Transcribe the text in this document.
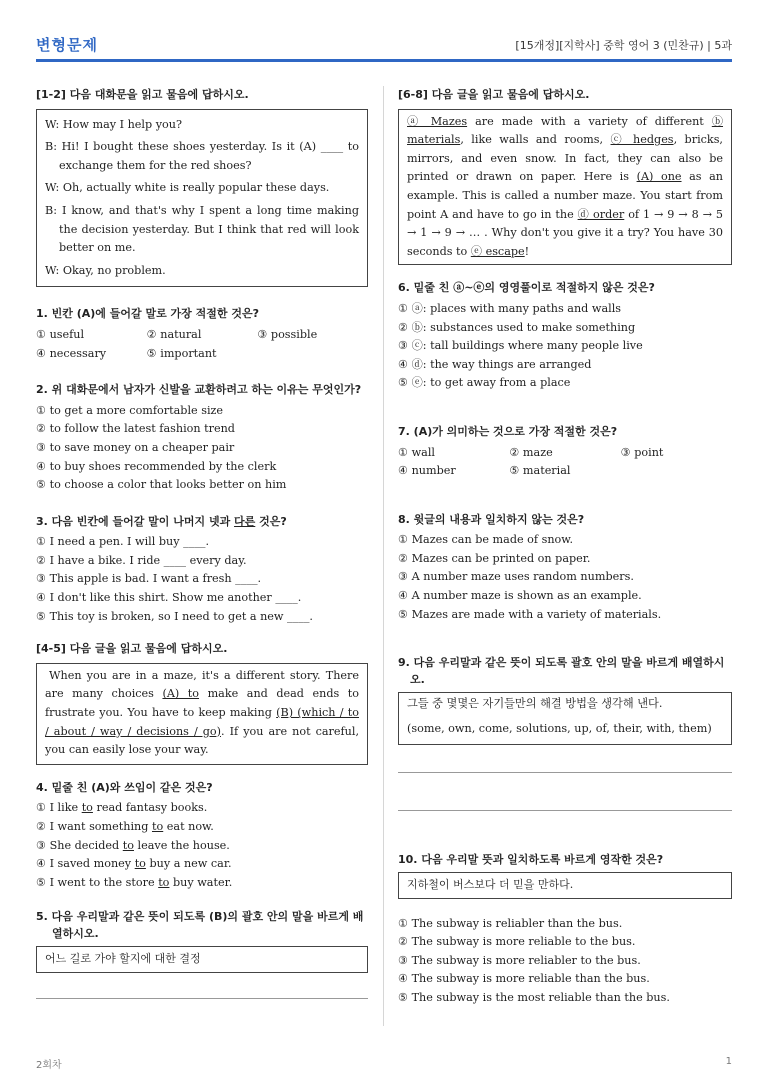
변형문제	[15개정][지학사] 중학 영어 3 (민찬규) | 5과
[1-2] 다음 대화문을 읽고 물음에 답하시오.
W: How may I help you?
B: Hi! I bought these shoes yesterday. Is it (A) ____ to exchange them for the red shoes?
W: Oh, actually white is really popular these days.
B: I know, and that's why I spent a long time making the decision yesterday. But I think that red will look better on me.
W: Okay, no problem.
1. 빈칸 (A)에 들어갈 말로 가장 적절한 것은?
① useful	② natural	③ possible
④ necessary	⑤ important
2. 위 대화문에서 남자가 신발을 교환하려고 하는 이유는 무엇인가?
① to get a more comfortable size
② to follow the latest fashion trend
③ to save money on a cheaper pair
④ to buy shoes recommended by the clerk
⑤ to choose a color that looks better on him
3. 다음 빈칸에 들어갈 말이 나머지 넷과 다른 것은?
① I need a pen. I will buy ____.
② I have a bike. I ride ____ every day.
③ This apple is bad. I want a fresh ____.
④ I don't like this shirt. Show me another ____.
⑤ This toy is broken, so I need to get a new ____.
[4-5] 다음 글을 읽고 물음에 답하시오.
When you are in a maze, it's a different story. There are many choices (A) to make and dead ends to frustrate you. You have to keep making (B) (which / to / about / way / decisions / go). If you are not careful, you can easily lose your way.
4. 밑줄 친 (A)와 쓰임이 같은 것은?
① I like to read fantasy books.
② I want something to eat now.
③ She decided to leave the house.
④ I saved money to buy a new car.
⑤ I went to the store to buy water.
5. 다음 우리말과 같은 뜻이 되도록 (B)의 괄호 안의 말을 바르게 배열하시오.
어느 길로 가야 할지에 대한 결정
[6-8] 다음 글을 읽고 물음에 답하시오.
ⓐ Mazes are made with a variety of different ⓑ materials, like walls and rooms, ⓒ hedges, bricks, mirrors, and even snow. In fact, they can also be printed or drawn on paper. Here is (A) one as an example. This is called a number maze. You start from point A and have to go in the ⓓ order of 1 → 9 → 8 → 5 → 1 → 9 → … . Why don't you give it a try? You have 30 seconds to ⓔ escape!
6. 밑줄 친 ⓐ~ⓔ의 영영풀이로 적절하지 않은 것은?
① ⓐ: places with many paths and walls
② ⓑ: substances used to make something
③ ⓒ: tall buildings where many people live
④ ⓓ: the way things are arranged
⑤ ⓔ: to get away from a place
7. (A)가 의미하는 것으로 가장 적절한 것은?
① wall	② maze	③ point
④ number	⑤ material
8. 윗글의 내용과 일치하지 않는 것은?
① Mazes can be made of snow.
② Mazes can be printed on paper.
③ A number maze uses random numbers.
④ A number maze is shown as an example.
⑤ Mazes are made with a variety of materials.
9. 다음 우리말과 같은 뜻이 되도록 괄호 안의 말을 바르게 배열하시오.
그들 중 몇몇은 자기들만의 해결 방법을 생각해 낸다.
(some, own, come, solutions, up, of, their, with, them)
10. 다음 우리말 뜻과 일치하도록 바르게 영작한 것은?
지하철이 버스보다 더 믿을 만하다.
① The subway is reliabler than the bus.
② The subway is more reliable to the bus.
③ The subway is more reliabler to the bus.
④ The subway is more reliable than the bus.
⑤ The subway is the most reliable than the bus.
2회차	1
